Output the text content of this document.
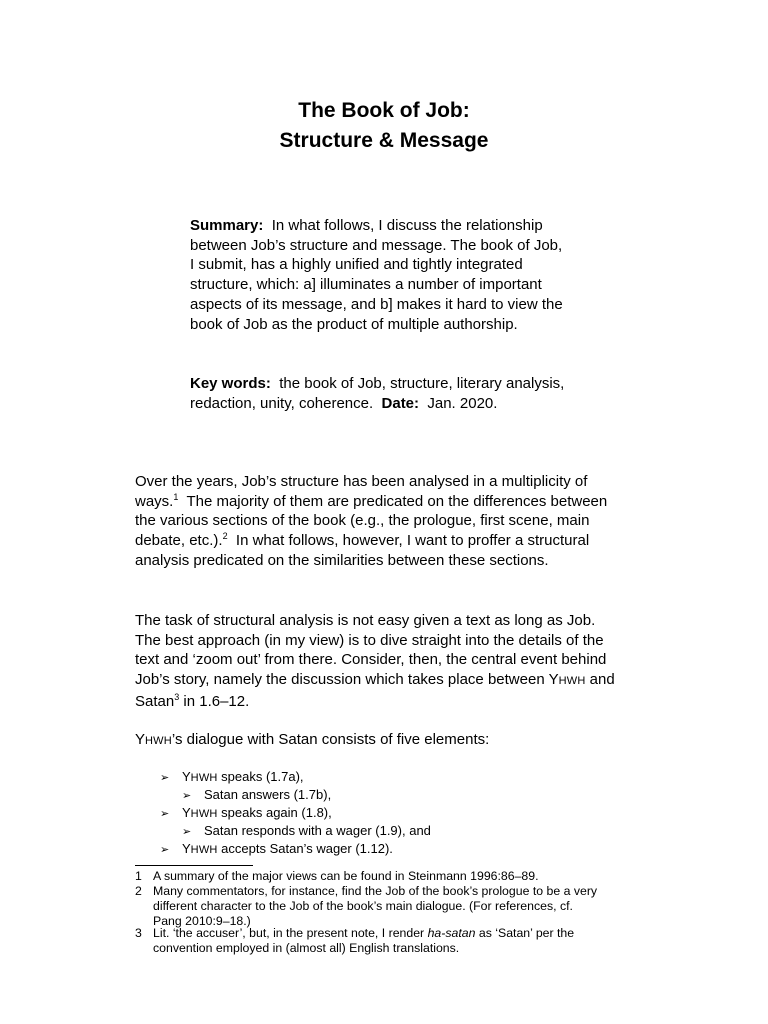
The Book of Job:
Structure & Message
Summary: In what follows, I discuss the relationship between Job’s structure and message. The book of Job, I submit, has a highly unified and tightly integrated structure, which: a] illuminates a number of important aspects of its message, and b] makes it hard to view the book of Job as the product of multiple authorship.
Key words: the book of Job, structure, literary analysis, redaction, unity, coherence. Date: Jan. 2020.
Over the years, Job’s structure has been analysed in a multiplicity of ways.$^1$ The majority of them are predicated on the differences between the various sections of the book (e.g., the prologue, first scene, main debate, etc.).$^2$ In what follows, however, I want to proffer a structural analysis predicated on the similarities between these sections.
The task of structural analysis is not easy given a text as long as Job. The best approach (in my view) is to dive straight into the details of the text and ‘zoom out’ from there. Consider, then, the central event behind Job’s story, namely the discussion which takes place between YHWH and Satan$^3$ in 1.6–12.
YHWH’s dialogue with Satan consists of five elements:
➢ YHWH speaks (1.7a),
➢ Satan answers (1.7b),
➢ YHWH speaks again (1.8),
➢ Satan responds with a wager (1.9), and
➢ YHWH accepts Satan’s wager (1.12).
1 A summary of the major views can be found in Steinmann 1996:86–89.
2 Many commentators, for instance, find the Job of the book’s prologue to be a very different character to the Job of the book’s main dialogue. (For references, cf. Pang 2010:9–18.)
3 Lit. ‘the accuser’, but, in the present note, I render ha-satan as ‘Satan’ per the convention employed in (almost all) English translations.
